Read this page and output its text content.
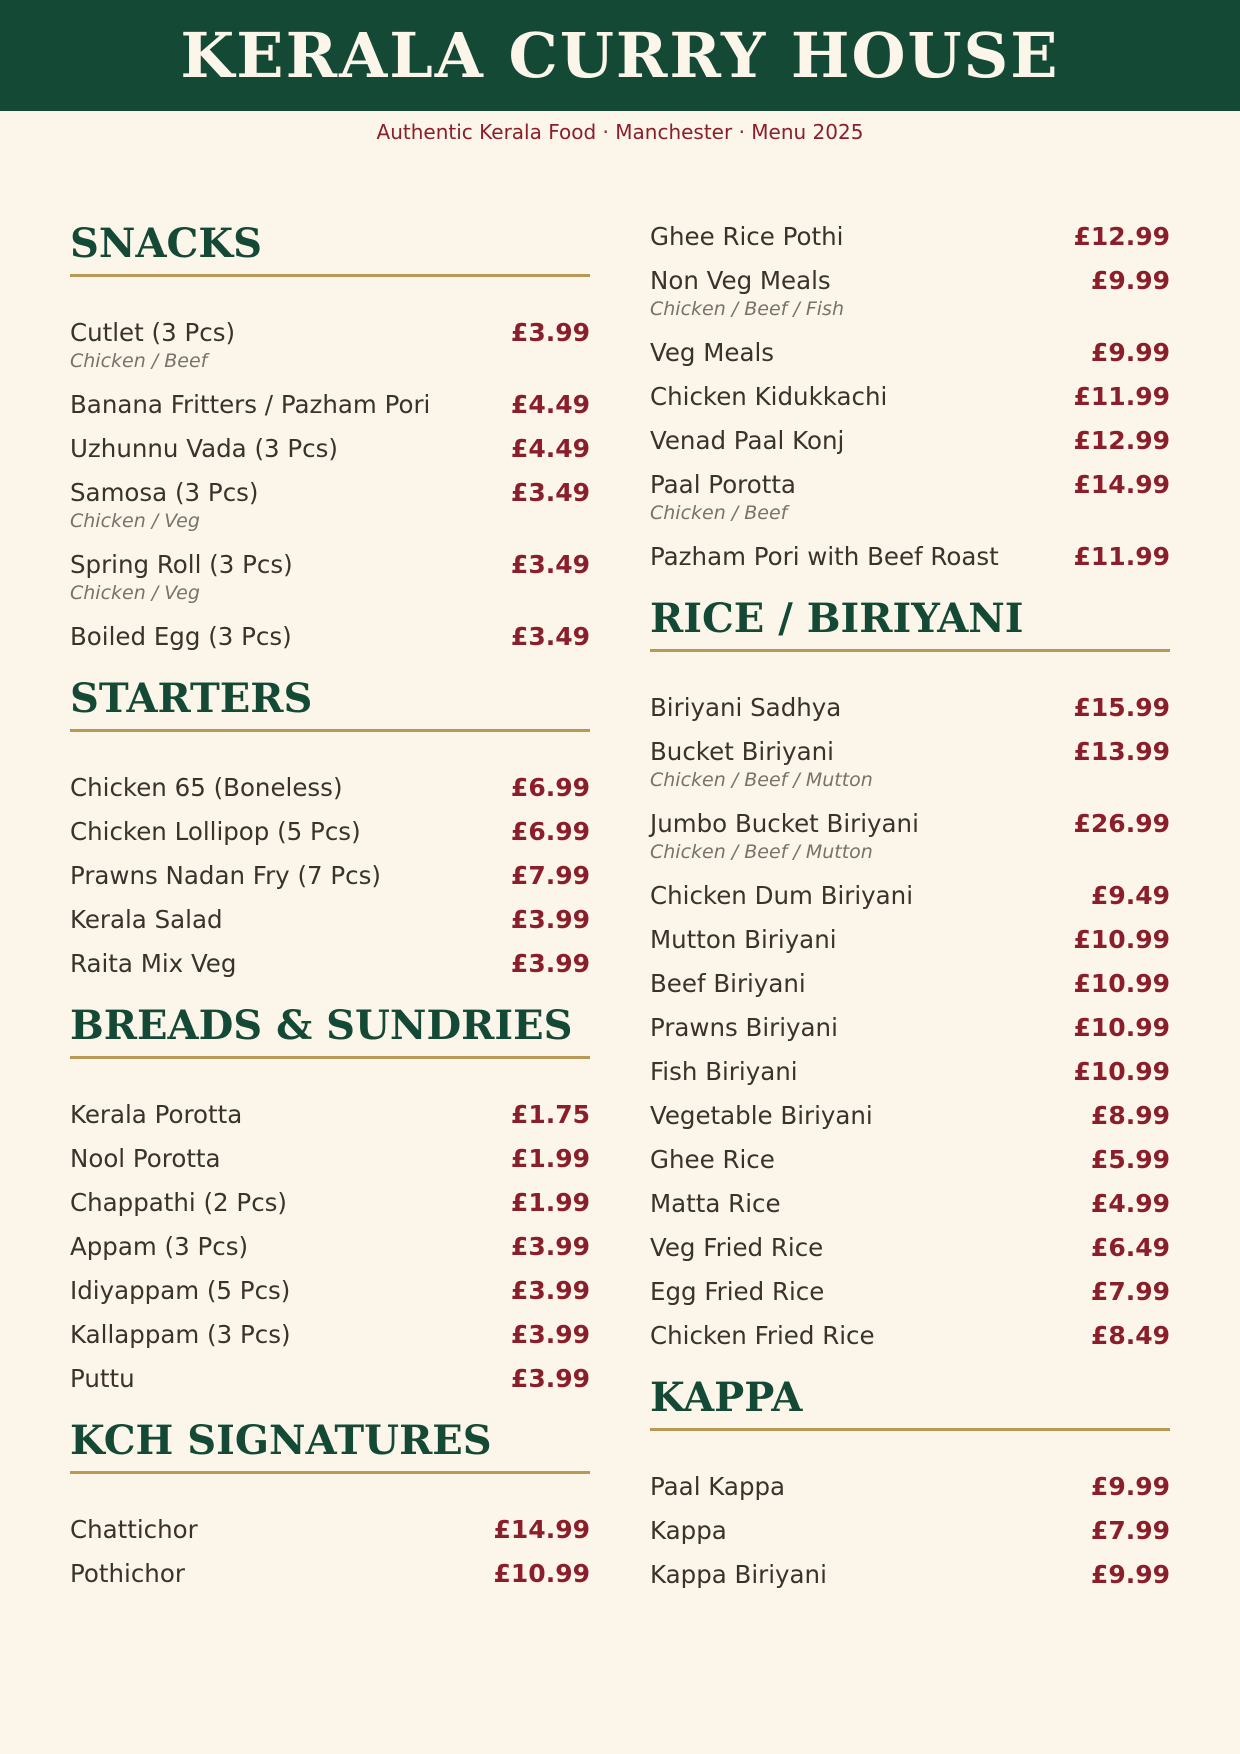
KERALA CURRY HOUSE
Authentic Kerala Food · Manchester · Menu 2025
SNACKS
Cutlet (3 Pcs)	£3.99
Chicken / Beef
Banana Fritters / Pazham Pori	£4.49
Uzhunnu Vada (3 Pcs)	£4.49
Samosa (3 Pcs)	£3.49
Chicken / Veg
Spring Roll (3 Pcs)	£3.49
Chicken / Veg
Boiled Egg (3 Pcs)	£3.49
STARTERS
Chicken 65 (Boneless)	£6.99
Chicken Lollipop (5 Pcs)	£6.99
Prawns Nadan Fry (7 Pcs)	£7.99
Kerala Salad	£3.99
Raita Mix Veg	£3.99
BREADS & SUNDRIES
Kerala Porotta	£1.75
Nool Porotta	£1.99
Chappathi (2 Pcs)	£1.99
Appam (3 Pcs)	£3.99
Idiyappam (5 Pcs)	£3.99
Kallappam (3 Pcs)	£3.99
Puttu	£3.99
KCH SIGNATURES
Chattichor	£14.99
Pothichor	£10.99
Ghee Rice Pothi	£12.99
Non Veg Meals	£9.99
Chicken / Beef / Fish
Veg Meals	£9.99
Chicken Kidukkachi	£11.99
Venad Paal Konj	£12.99
Paal Porotta	£14.99
Chicken / Beef
Pazham Pori with Beef Roast	£11.99
RICE / BIRIYANI
Biriyani Sadhya	£15.99
Bucket Biriyani	£13.99
Chicken / Beef / Mutton
Jumbo Bucket Biriyani	£26.99
Chicken / Beef / Mutton
Chicken Dum Biriyani	£9.49
Mutton Biriyani	£10.99
Beef Biriyani	£10.99
Prawns Biriyani	£10.99
Fish Biriyani	£10.99
Vegetable Biriyani	£8.99
Ghee Rice	£5.99
Matta Rice	£4.99
Veg Fried Rice	£6.49
Egg Fried Rice	£7.99
Chicken Fried Rice	£8.49
KAPPA
Paal Kappa	£9.99
Kappa	£7.99
Kappa Biriyani	£9.99
